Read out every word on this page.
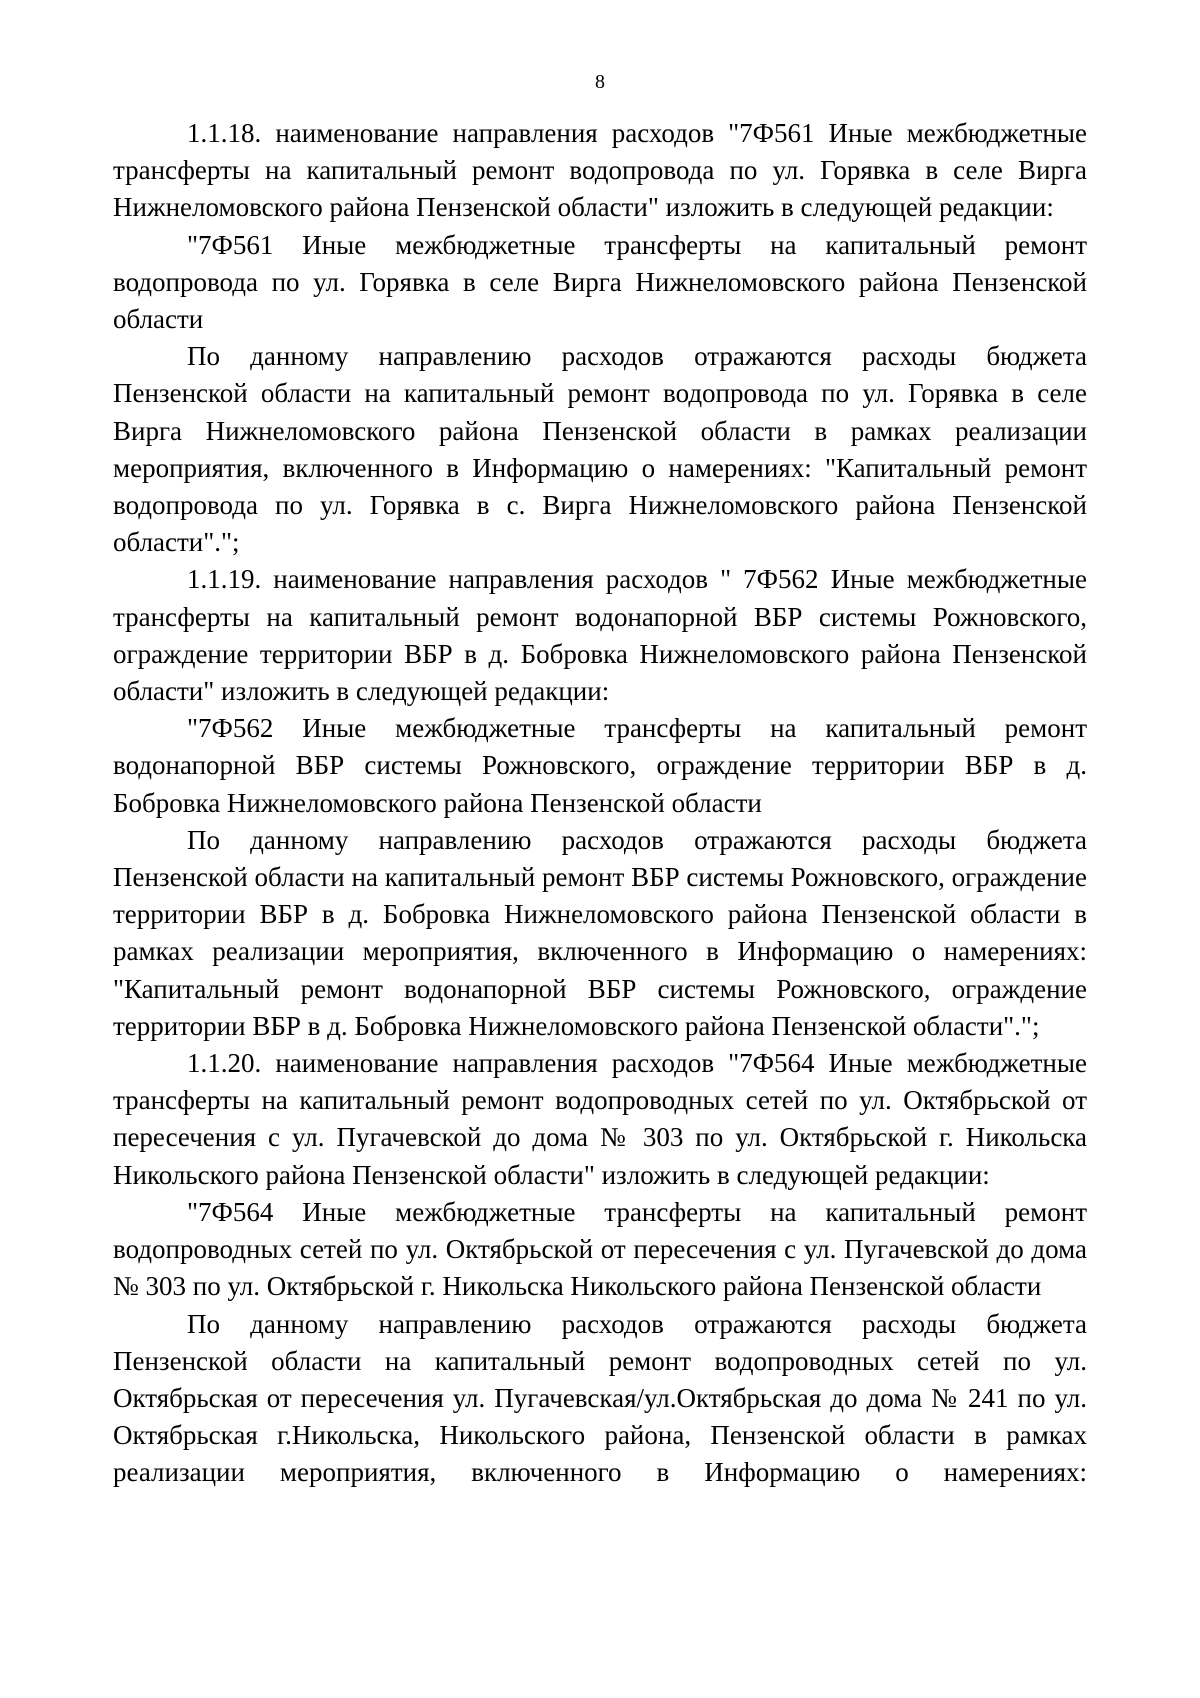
8

1.1.18. наименование направления расходов "7Ф561 Иные межбюджетные трансферты на капитальный ремонт водопровода по ул. Горявка в селе Вирга Нижнеломовского района Пензенской области" изложить в следующей редакции:

"7Ф561 Иные межбюджетные трансферты на капитальный ремонт водопровода по ул. Горявка в селе Вирга Нижнеломовского района Пензенской области

По данному направлению расходов отражаются расходы бюджета Пензенской области на капитальный ремонт водопровода по ул. Горявка в селе Вирга Нижнеломовского района Пензенской области в рамках реализации мероприятия, включенного в Информацию о намерениях: "Капитальный ремонт водопровода по ул. Горявка в с. Вирга Нижнеломовского района Пензенской области".";

1.1.19. наименование направления расходов " 7Ф562 Иные межбюджетные трансферты на капитальный ремонт водонапорной ВБР системы Рожновского, ограждение территории ВБР в д. Бобровка Нижнеломовского района Пензенской области" изложить в следующей редакции:

"7Ф562 Иные межбюджетные трансферты на капитальный ремонт водонапорной ВБР системы Рожновского, ограждение территории ВБР в д. Бобровка Нижнеломовского района Пензенской области

По данному направлению расходов отражаются расходы бюджета Пензенской области на капитальный ремонт ВБР системы Рожновского, ограждение территории ВБР в д. Бобровка Нижнеломовского района Пензенской области в рамках реализации мероприятия, включенного в Информацию о намерениях: "Капитальный ремонт водонапорной ВБР системы Рожновского, ограждение территории ВБР в д. Бобровка Нижнеломовского района Пензенской области".";

1.1.20. наименование направления расходов "7Ф564 Иные межбюджетные трансферты на капитальный ремонт водопроводных сетей по ул. Октябрьской от пересечения с ул. Пугачевской до дома № 303 по ул. Октябрьской г. Никольска Никольского района Пензенской области" изложить в следующей редакции:

"7Ф564 Иные межбюджетные трансферты на капитальный ремонт водопроводных сетей по ул. Октябрьской от пересечения с ул. Пугачевской до дома № 303 по ул. Октябрьской г. Никольска Никольского района Пензенской области

По данному направлению расходов отражаются расходы бюджета Пензенской области на капитальный ремонт водопроводных сетей по ул. Октябрьская от пересечения ул. Пугачевская/ул.Октябрьская до дома № 241 по ул. Октябрьская г.Никольска, Никольского района, Пензенской области в рамках реализации мероприятия, включенного в Информацию о намерениях:
